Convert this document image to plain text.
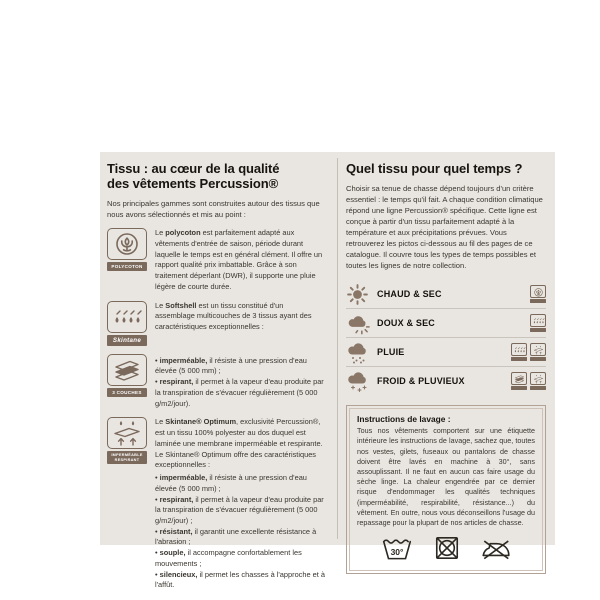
Tissu : au cœur de la qualité
des vêtements Percussion®
Nos principales gammes sont construites autour des tissus que nous avons sélectionnés et mis au point :
POLYCOTON
Le polycoton est parfaitement adapté aux vêtements d'entrée de saison, période durant laquelle le temps est en général clément. Il offre un rapport qualité prix imbattable. Grâce à son traitement déperlant (DWR), il supporte une pluie légère de courte durée.
Skintane
Le Softshell est un tissu constitué d'un assemblage multicouches de 3 tissus ayant des caractéristiques exceptionnelles :
3 COUCHES
• imperméable, il résiste à une pression d'eau élevée (5 000 mm) ;
• respirant, il permet à la vapeur d'eau produite par la transpiration de s'évacuer régulièrement (5 000 g/m2/jour).
IMPERMÉABLE RESPIRANT
Le Skintane® Optimum, exclusivité Percussion®, est un tissu 100% polyester au dos duquel est laminée une membrane imperméable et respirante. Le Skintane® Optimum offre des caractéristiques exceptionnelles :
• imperméable, il résiste à une pression d'eau élevée (5 000 mm) ;
• respirant, il permet à la vapeur d'eau produite par la transpiration de s'évacuer régulièrement (5 000 g/m2/jour) ;
• résistant, il garantit une excellente résistance à l'abrasion ;
• souple, il accompagne confortablement les mouvements ;
• silencieux, il permet les chasses à l'approche et à l'affût.
Quel tissu pour quel temps ?
Choisir sa tenue de chasse dépend toujours d'un critère essentiel : le temps qu'il fait. A chaque condition climatique répond une ligne Percussion® spécifique. Cette ligne est conçue à partir d'un tissu parfaitement adapté à la température et aux précipitations prévues. Vous retrouverez les pictos ci-dessous au fil des pages de ce catalogue. Il couvre tous les types de temps possibles et toutes les lignes de notre collection.
CHAUD & SEC
DOUX & SEC
PLUIE
FROID & PLUVIEUX
Instructions de lavage :
Tous nos vêtements comportent sur une étiquette intérieure les instructions de lavage, sachez que, toutes nos vestes, gilets, fuseaux ou pantalons de chasse doivent être lavés en machine à 30°, sans assouplissant. Il ne faut en aucun cas faire usage du sèche linge. La chaleur engendrée par ce dernier risque d'endommager les qualités techniques (imperméabilité, respirabilité, résistance...) du vêtement. En outre, nous vous déconseillons l'usage du repassage pour la plupart de nos articles de chasse.
30°
